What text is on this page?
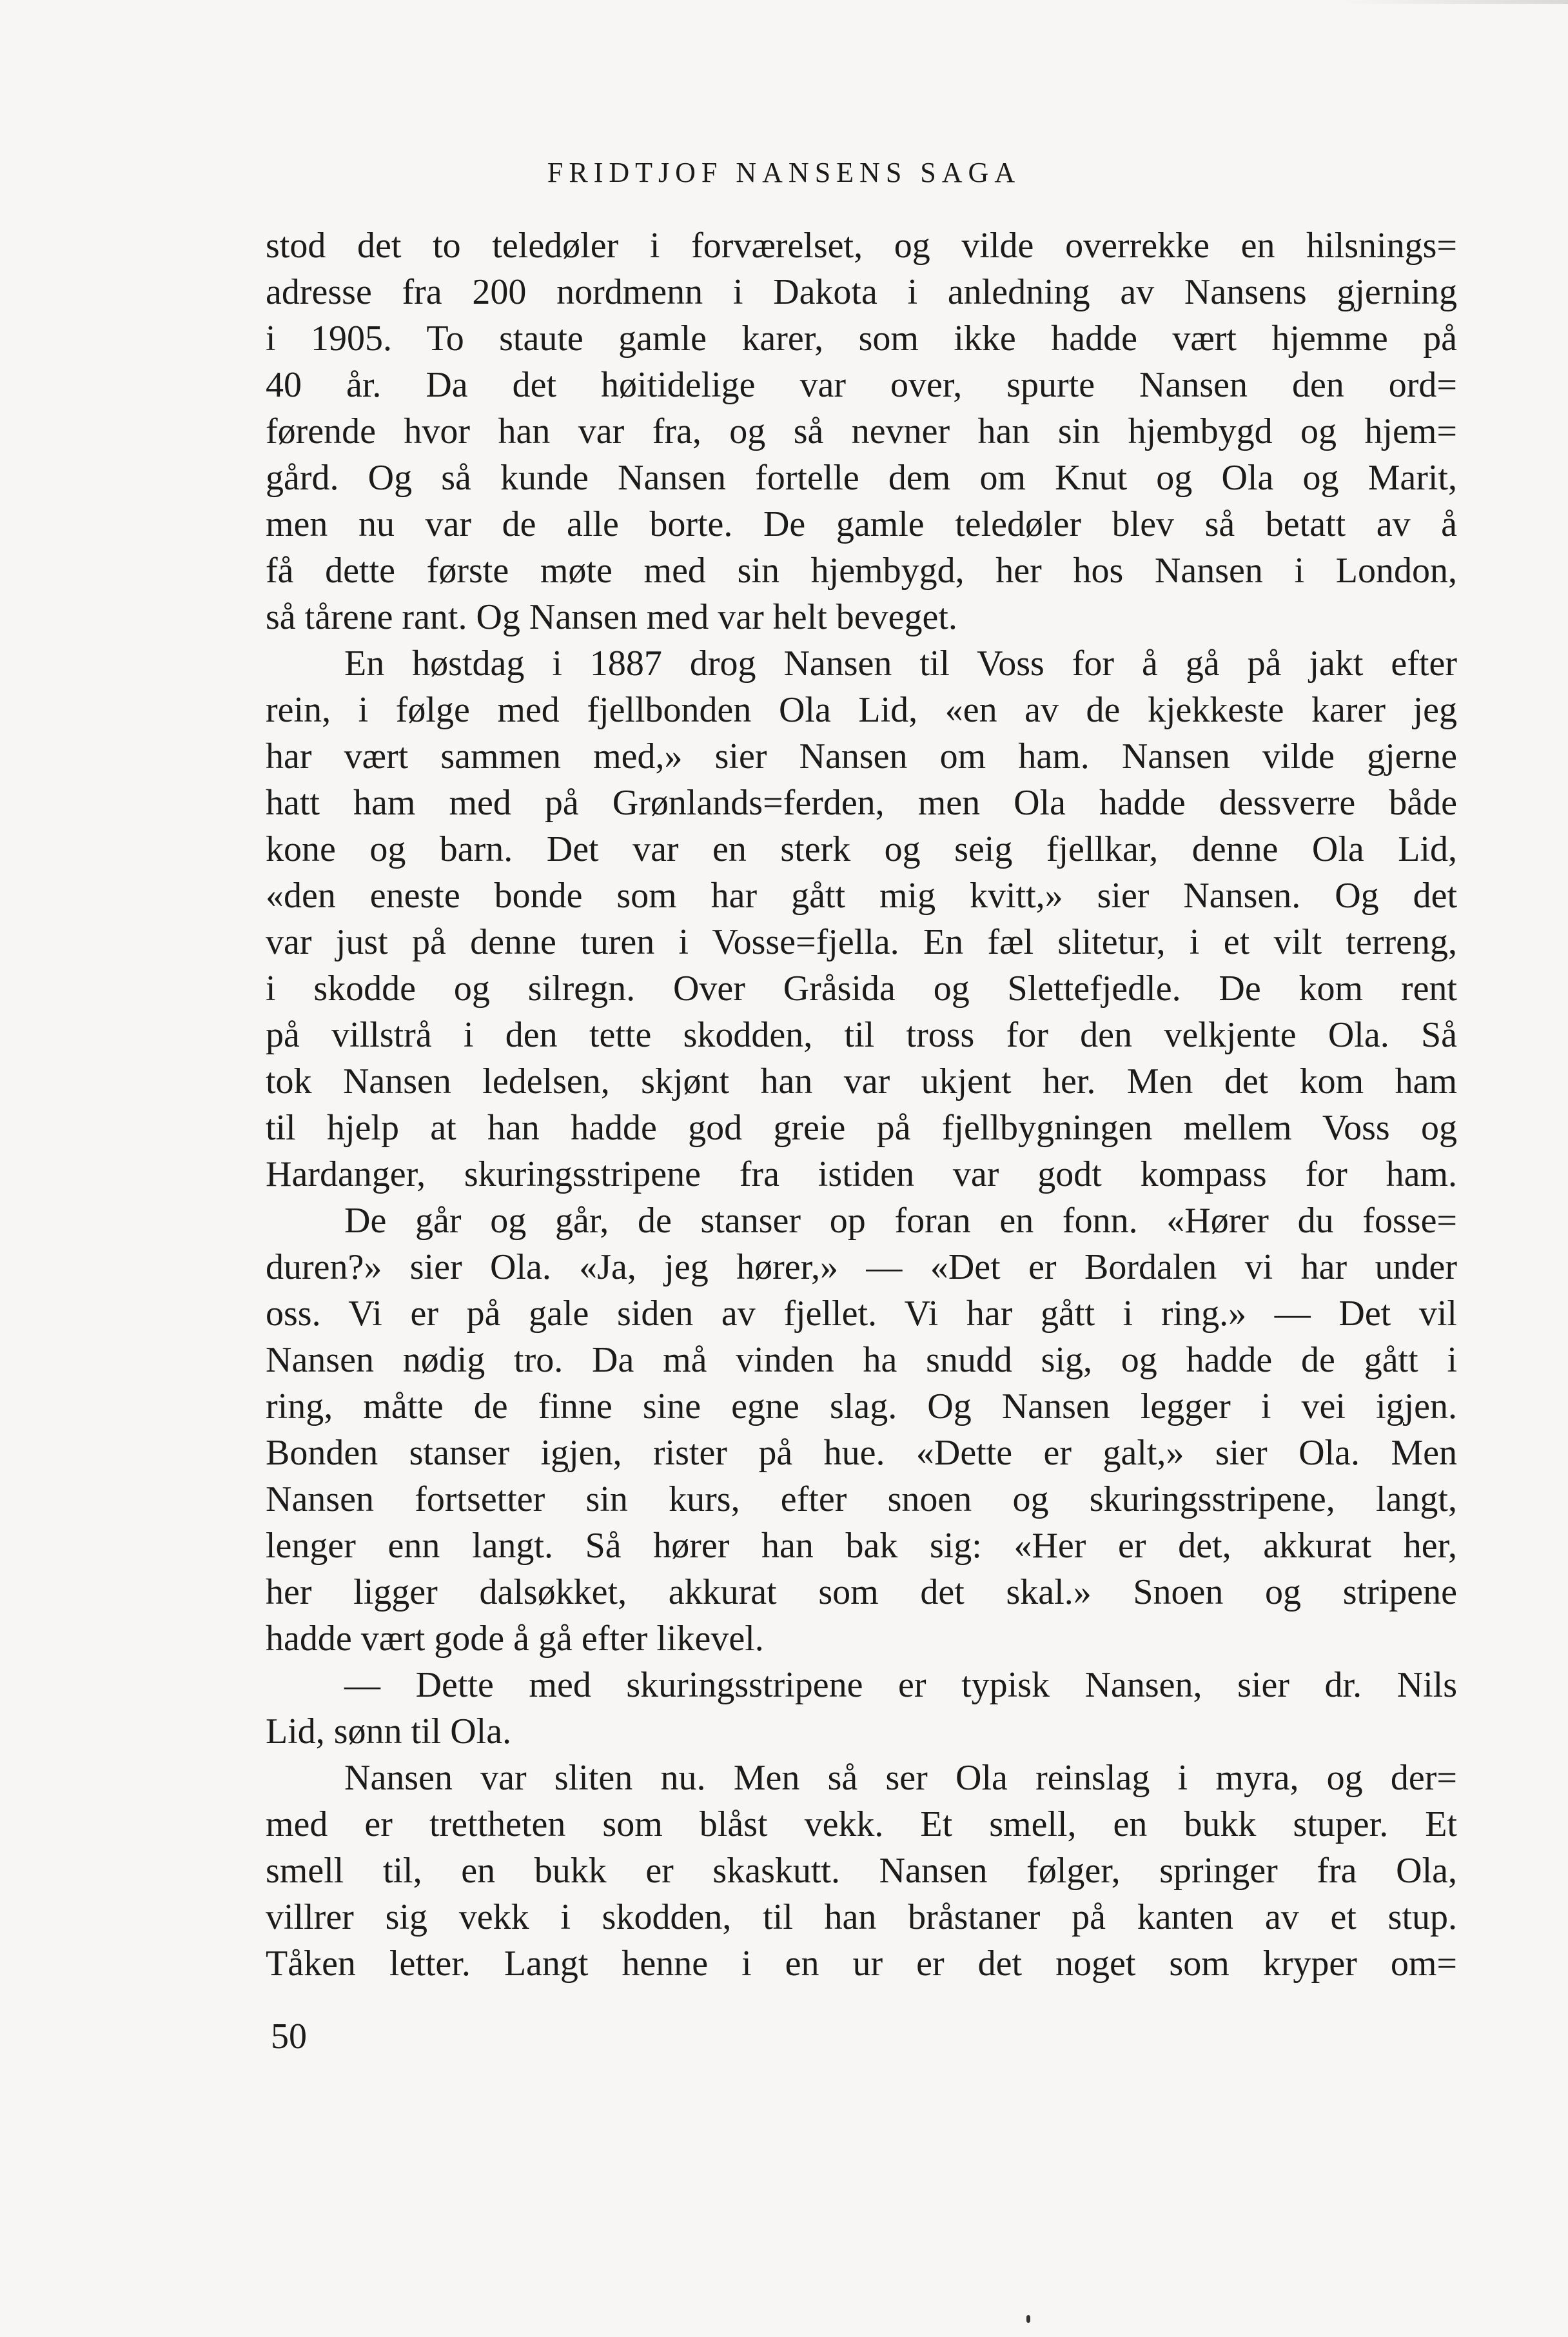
FRIDTJOF NANSENS SAGA
stod det to teledøler i forværelset, og vilde overrekke en hilsnings=
adresse fra 200 nordmenn i Dakota i anledning av Nansens gjerning
i 1905. To staute gamle karer, som ikke hadde vært hjemme på
40 år. Da det høitidelige var over, spurte Nansen den ord=
førende hvor han var fra, og så nevner han sin hjembygd og hjem=
gård. Og så kunde Nansen fortelle dem om Knut og Ola og Marit,
men nu var de alle borte. De gamle teledøler blev så betatt av å
få dette første møte med sin hjembygd, her hos Nansen i London,
så tårene rant. Og Nansen med var helt beveget.
En høstdag i 1887 drog Nansen til Voss for å gå på jakt efter
rein, i følge med fjellbonden Ola Lid, «en av de kjekkeste karer jeg
har vært sammen med,» sier Nansen om ham. Nansen vilde gjerne
hatt ham med på Grønlands=ferden, men Ola hadde dessverre både
kone og barn. Det var en sterk og seig fjellkar, denne Ola Lid,
«den eneste bonde som har gått mig kvitt,» sier Nansen. Og det
var just på denne turen i Vosse=fjella. En fæl slitetur, i et vilt terreng,
i skodde og silregn. Over Gråsida og Slettefjedle. De kom rent
på villstrå i den tette skodden, til tross for den velkjente Ola. Så
tok Nansen ledelsen, skjønt han var ukjent her. Men det kom ham
til hjelp at han hadde god greie på fjellbygningen mellem Voss og
Hardanger, skuringsstripene fra istiden var godt kompass for ham.
De går og går, de stanser op foran en fonn. «Hører du fosse=
duren?» sier Ola. «Ja, jeg hører,» — «Det er Bordalen vi har under
oss. Vi er på gale siden av fjellet. Vi har gått i ring.» — Det vil
Nansen nødig tro. Da må vinden ha snudd sig, og hadde de gått i
ring, måtte de finne sine egne slag. Og Nansen legger i vei igjen.
Bonden stanser igjen, rister på hue. «Dette er galt,» sier Ola. Men
Nansen fortsetter sin kurs, efter snoen og skuringsstripene, langt,
lenger enn langt. Så hører han bak sig: «Her er det, akkurat her,
her ligger dalsøkket, akkurat som det skal.» Snoen og stripene
hadde vært gode å gå efter likevel.
— Dette med skuringsstripene er typisk Nansen, sier dr. Nils
Lid, sønn til Ola.
Nansen var sliten nu. Men så ser Ola reinslag i myra, og der=
med er trettheten som blåst vekk. Et smell, en bukk stuper. Et
smell til, en bukk er skaskutt. Nansen følger, springer fra Ola,
villrer sig vekk i skodden, til han bråstaner på kanten av et stup.
Tåken letter. Langt henne i en ur er det noget som kryper om=
50
